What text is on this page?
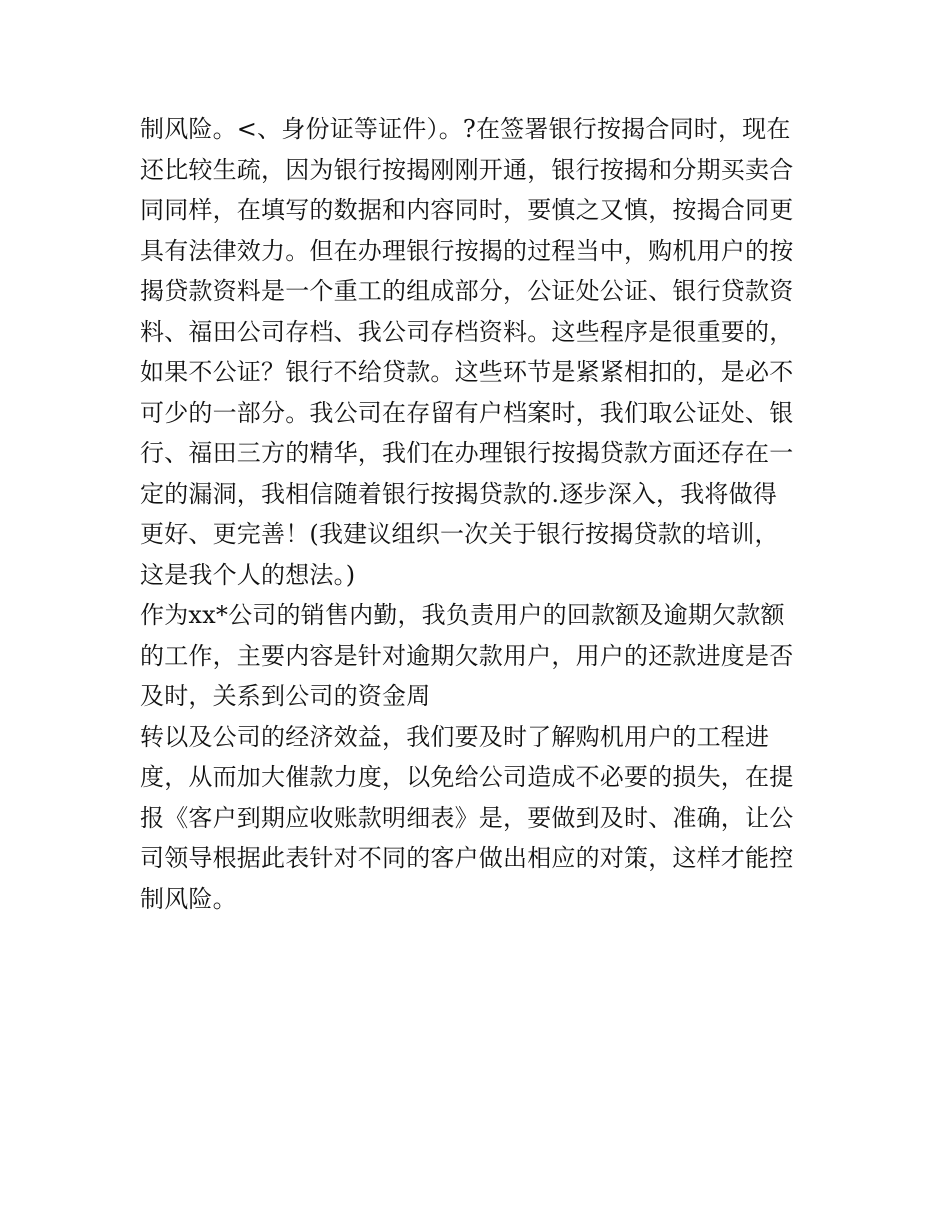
制风险。<、身份证等证件）。?在签署银行按揭合同时，现在
还比较生疏，因为银行按揭刚刚开通，银行按揭和分期买卖合
同同样，在填写的数据和内容同时，要慎之又慎，按揭合同更
具有法律效力。但在办理银行按揭的过程当中，购机用户的按
揭贷款资料是一个重工的组成部分，公证处公证、银行贷款资
料、福田公司存档、我公司存档资料。这些程序是很重要的，
如果不公证？银行不给贷款。这些环节是紧紧相扣的，是必不
可少的一部分。我公司在存留有户档案时，我们取公证处、银
行、福田三方的精华，我们在办理银行按揭贷款方面还存在一
定的漏洞，我相信随着银行按揭贷款的.逐步深入，我将做得
更好、更完善！(我建议组织一次关于银行按揭贷款的培训，
这是我个人的想法。)
作为xx*公司的销售内勤，我负责用户的回款额及逾期欠款额
的工作，主要内容是针对逾期欠款用户，用户的还款进度是否
及时，关系到公司的资金周
转以及公司的经济效益，我们要及时了解购机用户的工程进
度，从而加大催款力度，以免给公司造成不必要的损失，在提
报《客户到期应收账款明细表》是，要做到及时、准确，让公
司领导根据此表针对不同的客户做出相应的对策，这样才能控
制风险。
